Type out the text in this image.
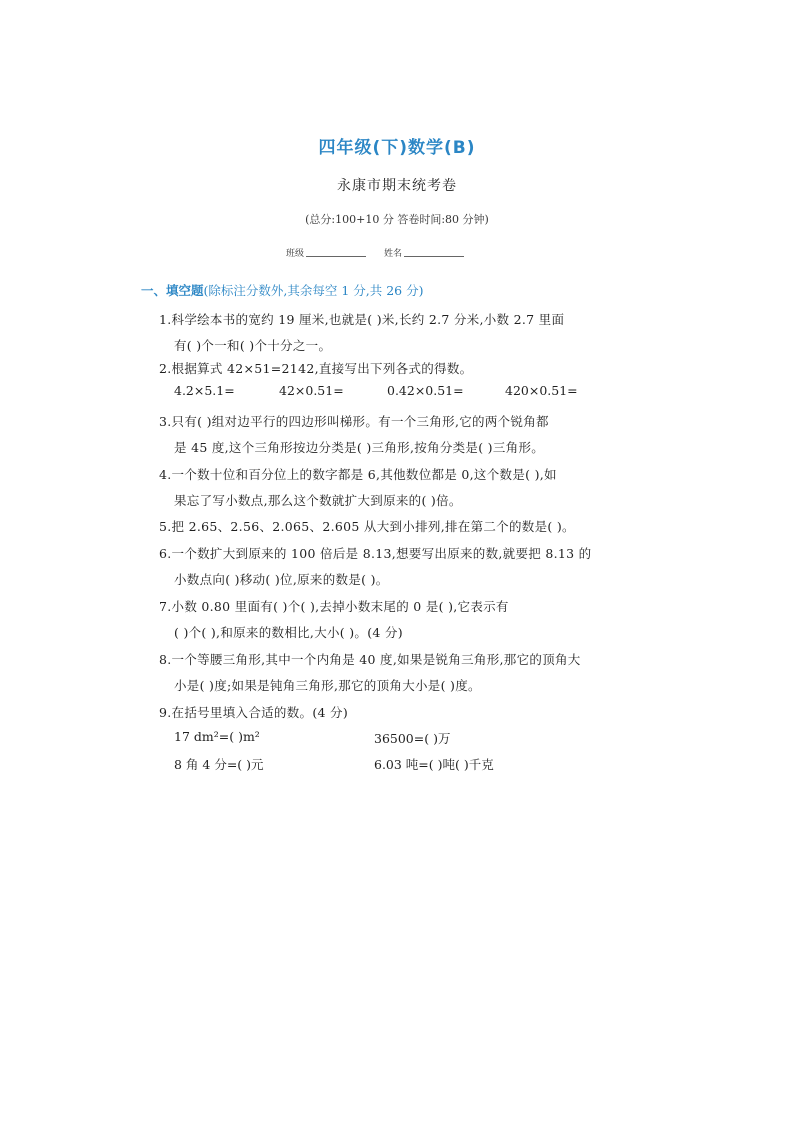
四年级(下)数学(B)
永康市期末统考卷
(总分:100+10 分 答卷时间:80 分钟)
班级	姓名
一、填空题(除标注分数外,其余每空 1 分,共 26 分)
1.科学绘本书的宽约 19 厘米,也就是( )米,长约 2.7 分米,小数 2.7 里面
有( )个一和( )个十分之一。
2.根据算式 42×51=2142,直接写出下列各式的得数。
4.2×5.1=	42×0.51=	0.42×0.51=	420×0.51=
3.只有( )组对边平行的四边形叫梯形。有一个三角形,它的两个锐角都
是 45 度,这个三角形按边分类是( )三角形,按角分类是( )三角形。
4.一个数十位和百分位上的数字都是 6,其他数位都是 0,这个数是( ),如
果忘了写小数点,那么这个数就扩大到原来的( )倍。
5.把 2.65、2.56、2.065、2.605 从大到小排列,排在第二个的数是( )。
6.一个数扩大到原来的 100 倍后是 8.13,想要写出原来的数,就要把 8.13 的
小数点向( )移动( )位,原来的数是( )。
7.小数 0.80 里面有( )个( ),去掉小数末尾的 0 是( ),它表示有
( )个( ),和原来的数相比,大小( )。(4 分)
8.一个等腰三角形,其中一个内角是 40 度,如果是锐角三角形,那它的顶角大
小是( )度;如果是钝角三角形,那它的顶角大小是( )度。
9.在括号里填入合适的数。(4 分)
17 dm²=( )m²	36500=( )万
8 角 4 分=( )元	6.03 吨=( )吨( )千克
